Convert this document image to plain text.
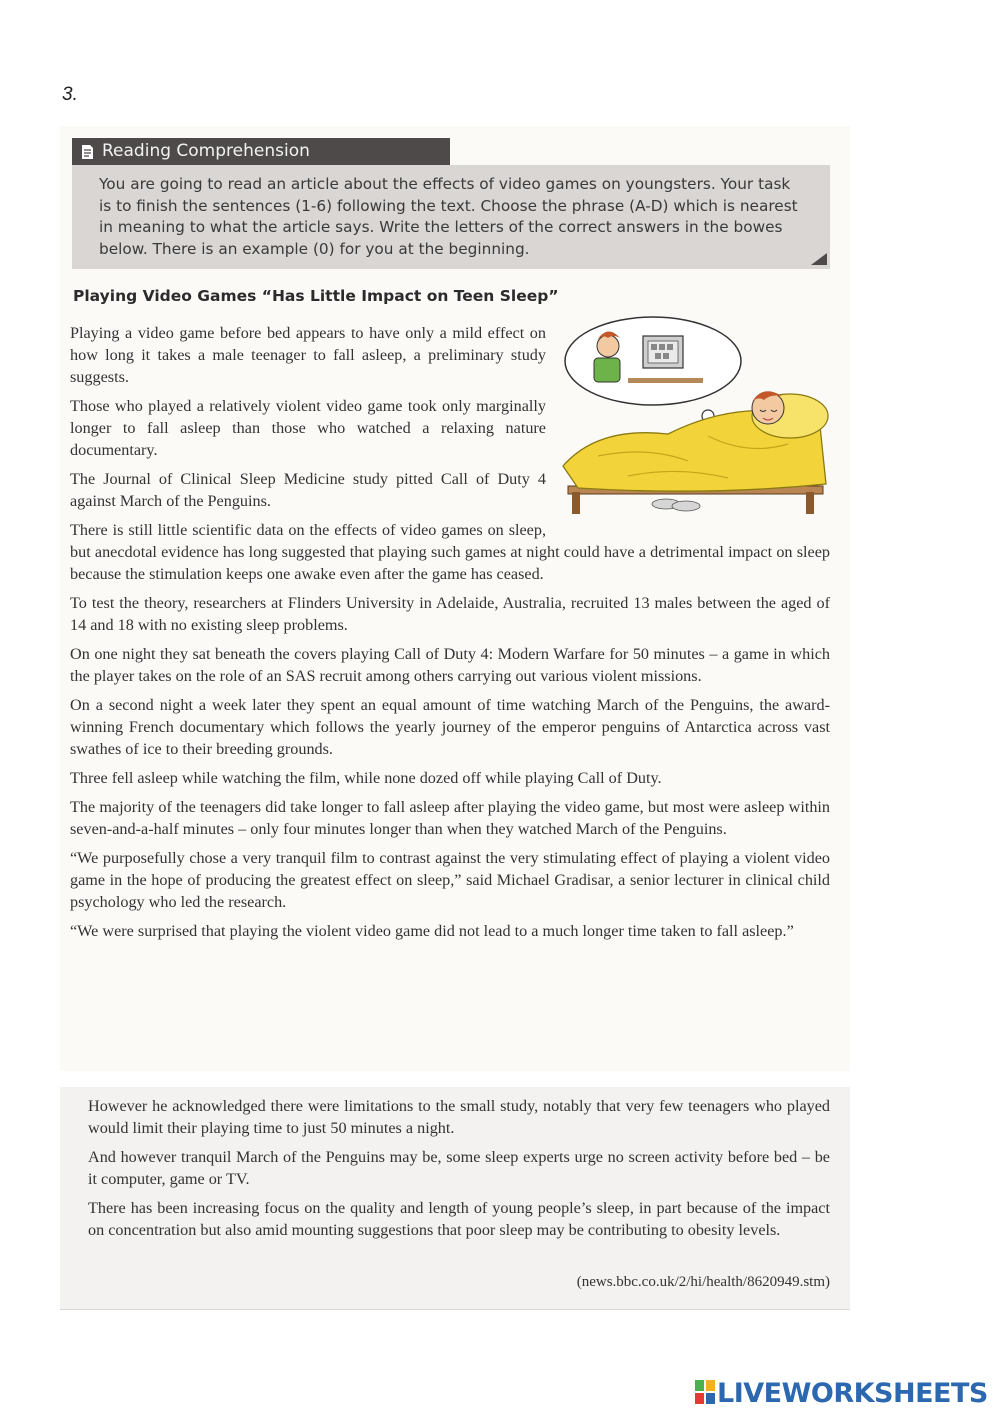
3.
Reading Comprehension
You are going to read an article about the effects of video games on youngsters. Your task is to finish the sentences (1-6) following the text. Choose the phrase (A-D) which is nearest in meaning to what the article says. Write the letters of the correct answers in the bowes below. There is an example (0) for you at the beginning.
Playing Video Games “Has Little Impact on Teen Sleep”

Playing a video game before bed appears to have only a mild effect on how long it takes a male teenager to fall asleep, a preliminary study suggests.

Those who played a relatively violent video game took only marginally longer to fall asleep than those who watched a relaxing nature documentary.

The Journal of Clinical Sleep Medicine study pitted Call of Duty 4 against March of the Penguins.

There is still little scientific data on the effects of video games on sleep, but anecdotal evidence has long suggested that playing such games at night could have a detrimental impact on sleep because the stimulation keeps one awake even after the game has ceased.

To test the theory, researchers at Flinders University in Adelaide, Australia, recruited 13 males between the aged of 14 and 18 with no existing sleep problems.

On one night they sat beneath the covers playing Call of Duty 4: Modern Warfare for 50 minutes – a game in which the player takes on the role of an SAS recruit among others carrying out various violent missions.

On a second night a week later they spent an equal amount of time watching March of the Penguins, the award-winning French documentary which follows the yearly journey of the emperor penguins of Antarctica across vast swathes of ice to their breeding grounds.

Three fell asleep while watching the film, while none dozed off while playing Call of Duty.

The majority of the teenagers did take longer to fall asleep after playing the video game, but most were asleep within seven-and-a-half minutes – only four minutes longer than when they watched March of the Penguins.

“We purposefully chose a very tranquil film to contrast against the very stimulating effect of playing a violent video game in the hope of producing the greatest effect on sleep,” said Michael Gradisar, a senior lecturer in clinical child psychology who led the research.

“We were surprised that playing the violent video game did not lead to a much longer time taken to fall asleep.”

However he acknowledged there were limitations to the small study, notably that very few teenagers who played would limit their playing time to just 50 minutes a night.

And however tranquil March of the Penguins may be, some sleep experts urge no screen activity before bed – be it computer, game or TV.

There has been increasing focus on the quality and length of young people’s sleep, in part because of the impact on concentration but also amid mounting suggestions that poor sleep may be contributing to obesity levels.

(news.bbc.co.uk/2/hi/health/8620949.stm)
LIVEWORKSHEETS
